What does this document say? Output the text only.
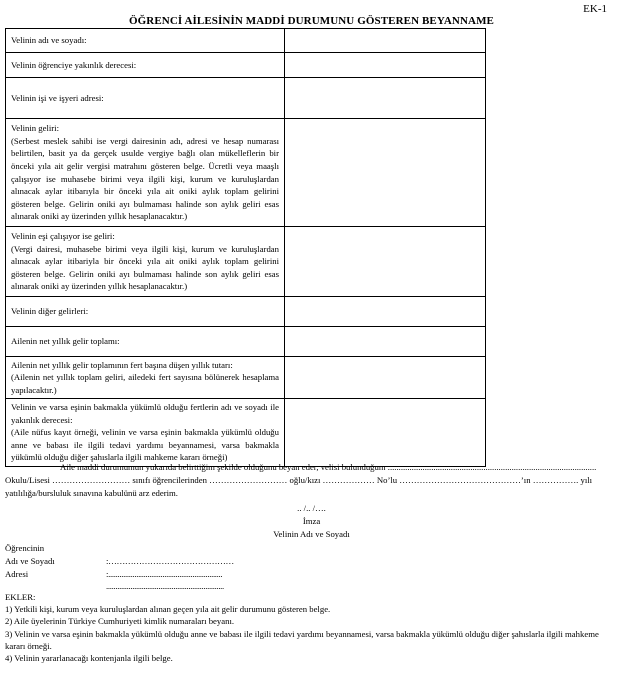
EK-1
ÖĞRENCİ AİLESİNİN MADDİ DURUMUNU GÖSTEREN BEYANNAME
Velinin adı ve soyadı:	
Velinin öğrenciye yakınlık derecesi:	
Velinin işi ve işyeri adresi:	

Velinin geliri:
(Serbest meslek sahibi ise vergi dairesinin adı, adresi ve hesap numarası belirtilen, basit ya da gerçek usulde vergiye bağlı olan mükelleflerin bir önceki yıla ait gelir vergisi matrahını gösteren belge. Ücretli veya maaşlı çalışıyor ise muhasebe birimi veya ilgili kişi, kurum ve kuruluşlardan alınacak aylar itibarıyla bir önceki yıla ait oniki aylık toplam gelirini gösteren belge. Gelirin oniki ayı bulmaması halinde son aylık geliri esas alınarak oniki ay üzerinden yıllık hesaplanacaktır.)	

Velinin eşi çalışıyor ise geliri:
(Vergi dairesi, muhasebe birimi veya ilgili kişi, kurum ve kuruluşlardan alınacak aylar itibariyla bir önceki yıla ait oniki aylık toplam gelirini gösteren belge. Gelirin oniki ayı bulmaması halinde son aylık geliri esas alınarak oniki ay üzerinden yıllık hesaplanacaktır.)	

Velinin diğer gelirleri:	
Ailenin net yıllık gelir toplamı:	

Ailenin net yıllık gelir toplamının fert başına düşen yıllık tutarı:
(Ailenin net yıllık toplam geliri, ailedeki fert sayısına bölünerek hesaplama yapılacaktır.)	

Velinin ve varsa eşinin bakmakla yükümlü olduğu fertlerin adı ve soyadı ile yakınlık derecesi:
(Aile nüfus kayıt örneği, velinin ve varsa eşinin bakmakla yükümlü olduğu anne ve babası ile ilgili tedavi yardımı beyannamesi, varsa bakmakla yükümlü olduğu diğer şahıslarla ilgili mahkeme kararı örneği)	

Aile maddi durumumun yukarıda belirttiğim şekilde olduğunu beyan eder, velisi bulunduğum ................................................................................................
Okulu/Lisesi ……………………… sınıfı öğrencilerinden ……………………… oğlu/kızı ……………… No’lu ……………………………………’ın ……………. yılı
yatılılığa/bursluluk sınavına kabulünü arz ederim.
.. /.. /….
İmza
Velinin Adı ve Soyadı
Öğrencinin
Adı ve Soyadı	:………………………………………
Adresi	:.............................................................
...............................................................
EKLER:
1) Yetkili kişi, kurum veya kuruluşlardan alınan geçen yıla ait gelir durumunu gösteren belge.
2) Aile üyelerinin Türkiye Cumhuriyeti kimlik numaraları beyanı.
3) Velinin ve varsa eşinin bakmakla yükümlü olduğu anne ve babası ile ilgili tedavi yardımı beyannamesi, varsa bakmakla yükümlü olduğu diğer şahıslarla ilgili mahkeme kararı örneği.
4) Velinin yararlanacağı kontenjanla ilgili belge.
